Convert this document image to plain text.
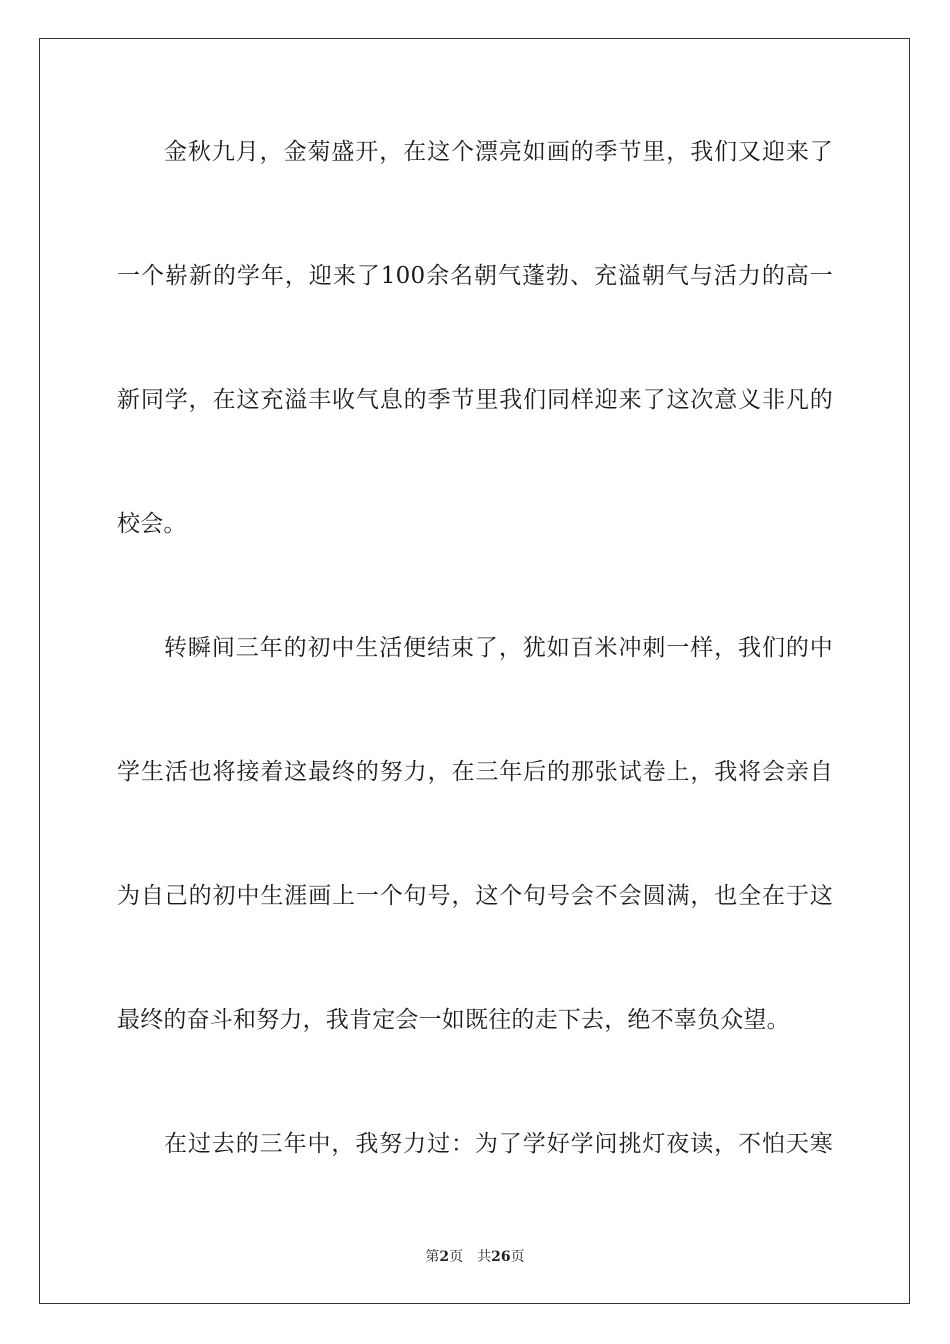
金秋九月，金菊盛开，在这个漂亮如画的季节里，我们又迎来了
一个崭新的学年，迎来了100余名朝气蓬勃、充溢朝气与活力的高一
新同学，在这充溢丰收气息的季节里我们同样迎来了这次意义非凡的
校会。
转瞬间三年的初中生活便结束了，犹如百米冲刺一样，我们的中
学生活也将接着这最终的努力，在三年后的那张试卷上，我将会亲自
为自己的初中生涯画上一个句号，这个句号会不会圆满，也全在于这
最终的奋斗和努力，我肯定会一如既往的走下去，绝不辜负众望。
在过去的三年中，我努力过：为了学好学问挑灯夜读，不怕天寒
第2页 共26页
